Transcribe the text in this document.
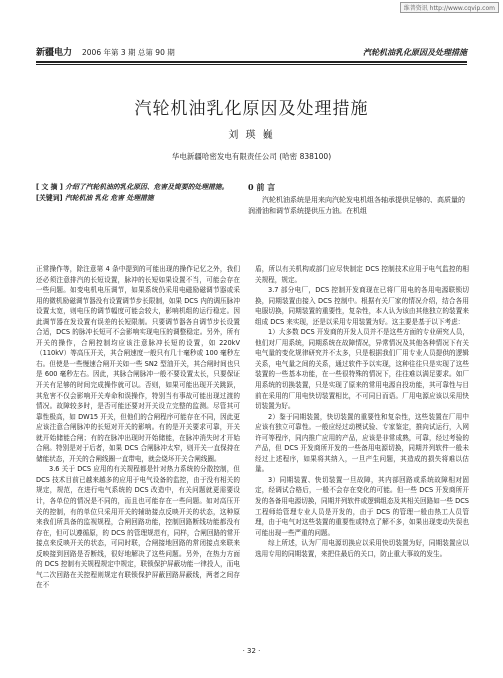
维普资讯 http://www.cqvip.com
新疆电力 2006 年第 3 期 总第 90 期	汽轮机油乳化原因及处理措施
汽轮机油乳化原因及处理措施
刘 瑛 巍
华电新疆哈密发电有限责任公司 (哈密 838100)
[ 文 摘 ] 介绍了汽轮机油的乳化原因、危害及简要的处理措施。
[关键词] 汽轮机油 乳化 危害 处理措施
0 前 言

汽轮机油系统是用来向汽轮发电机组各轴承提供足够的、高质量的润滑油和调节系统提供压力油。在机组

正常操作等，除注意第 4 条中提到的可能出现的操作记忆之外，我们还必须注意排汽的长短设置，脉冲的长短如果设置不当，可能会存在一些问题。如变电机电压调节，如果系统仍采用电磁励磁调节器或采用的微机励磁调节器没有设置调节步长限制，如果 DCS 内的调压脉冲设置太宽，则电压的调节幅度可能会较大，影响机组的运行稳定。因此调节器在发设置有误差的长短限制。只要调节器各自调节步长设置合适，DCS 的脉冲长短可不会影响实现电压的调整稳定。另外，所有开关的操作，合闸控制均应该注意脉冲长短的设置，如 220kV（110kV）等高压开关，其合闸速度一般只有几十毫秒或 100 毫秒左右。但使是一些慢速合闸开关如一些 SN2 型油开关，其合闸时间也只是 600 毫秒左右。因此，其脉合闸脉冲一般不要设置太长，只要保证开关有足够的时间完成操作就可以。否则，如果可能出现开关跳跃，其危害不仅会影响开关寿命和误操作，特别当有事故可能出现过渡的情况。故障较多时，是否可能还要对开关设立完整的监测。尽管其可靠性极高，如 DW15 开关，但他们的合闸程序可能存在不同，因此更应该注意合闸脉冲的长短对开关的影响。有的是开关要求可靠，开关就开始储能合闸；有的在脉冲出现时开始储能，在脉冲消失时才开始合闸。特别是对于后者，如果 DCS 合闸脉冲太窄，则开关一直保持在储能状态，开关的合闸线圈一直带电，就会烧坏开关合闸线圈。

3.6 关于 DCS 应用的有关规程都是针对热力系统的分散控制，但 DCS 技术目前已越来越多的应用于电气设备的监控，由于没有相关的规定，规范，在进行电气系统的 DCS 改造中，有关问题就更需要设计，各单位的情况是不同的，而且也可能存在一些问题。如对高压开关的控制，有的单位只采用开关的辅助接点反映开关的状态，这种原来我们所具备的监视规程，合闸回路功能，控制回路断线功能都没有存在，但可以遵循原，的 DCS 的管理规范有，同样，合闸回路的常开接点来反映开关的状态，可同时联，合闸接地回路的常闭接点来联来反映接到回路是否断线，很好地解决了这些问题。另外，在热力方面的 DCS 控制有关规程规定中规定，联锁保护屏蔽功能一律投人，而电气二次回路在关控程则规定有联锁保护屏蔽回路屏蔽线，两者之间存在不

盾，所以有关机构或部门应尽快制定 DCS 控制技术应用于电气监控的相关规程，规定。

3.7 部分电厂，DCS 控制开发商现在已将厂用电的各用电源联锁切换，同期装置由接入 DCS 控制中。根据有关厂家的情况介绍，结合各用电服切换，同期装置的重要性，复杂性，本人认为该由其他独立的装置来组成 DCS 来实现，还是以采用专用装置为好。这主要是基于以下考虑：

1）大多数 DCS 开发商的开发人员并不是这些方面的专业研究人员，他们对厂用系统，同期系统在故障情况，异常情况及其他各种情况下有关电气量的变化规律研究并不太多，只是根据我们厂用专业人员提供的逻辑关系，电气量之间的关系，通过软件予以实现，这种往往只是实现了这些装置的一些基本功能，在一些很特殊的情况下，往往难以满足要求。如厂用系统的切换装置，只是实现了原来的常用电源自投功能，其可靠性与目前在采用的厂用电快切装置相比，不可同日而语。厂用电源应该以采用快切装置为好。

2）鉴于同期装置，快切装置的重要性和复杂性，这些装置在厂用中应该有独立可靠性。一般应经过动模试验、专家鉴定，推向试运行，入网许可等程序，同内推广应用的产品，应该是非常成熟，可靠，经过考验的产品，但 DCS 开发商所开发的一些备用电源切换，同期并列软件一般未经过上述程序，如果将其纳入，一旦产生问题，其造成的损失将难以估量。

3）同期装置、快切装置一旦故障，其内部回路或系统故障相对固定，经调试合格后，一般不会存在变化的可能。但一些 DCS 开发商所开发的各备用电源切换，同期并列软件或逻辑组态及其相关回路如一些 DCS 工程师给管理专业人员是开发的，由于 DCS 的管理一般由热工人员管理，由于电气对这些装置的重要性或特点了解不多，如果出现变动失误也可能出现一些严重的问题。

综上所述，认为厂用电源切换应以采用快切装置为好，同期装置应以选用专用的同期装置，来把住最后的关口，防止重大事故的发生。

· 32 ·
